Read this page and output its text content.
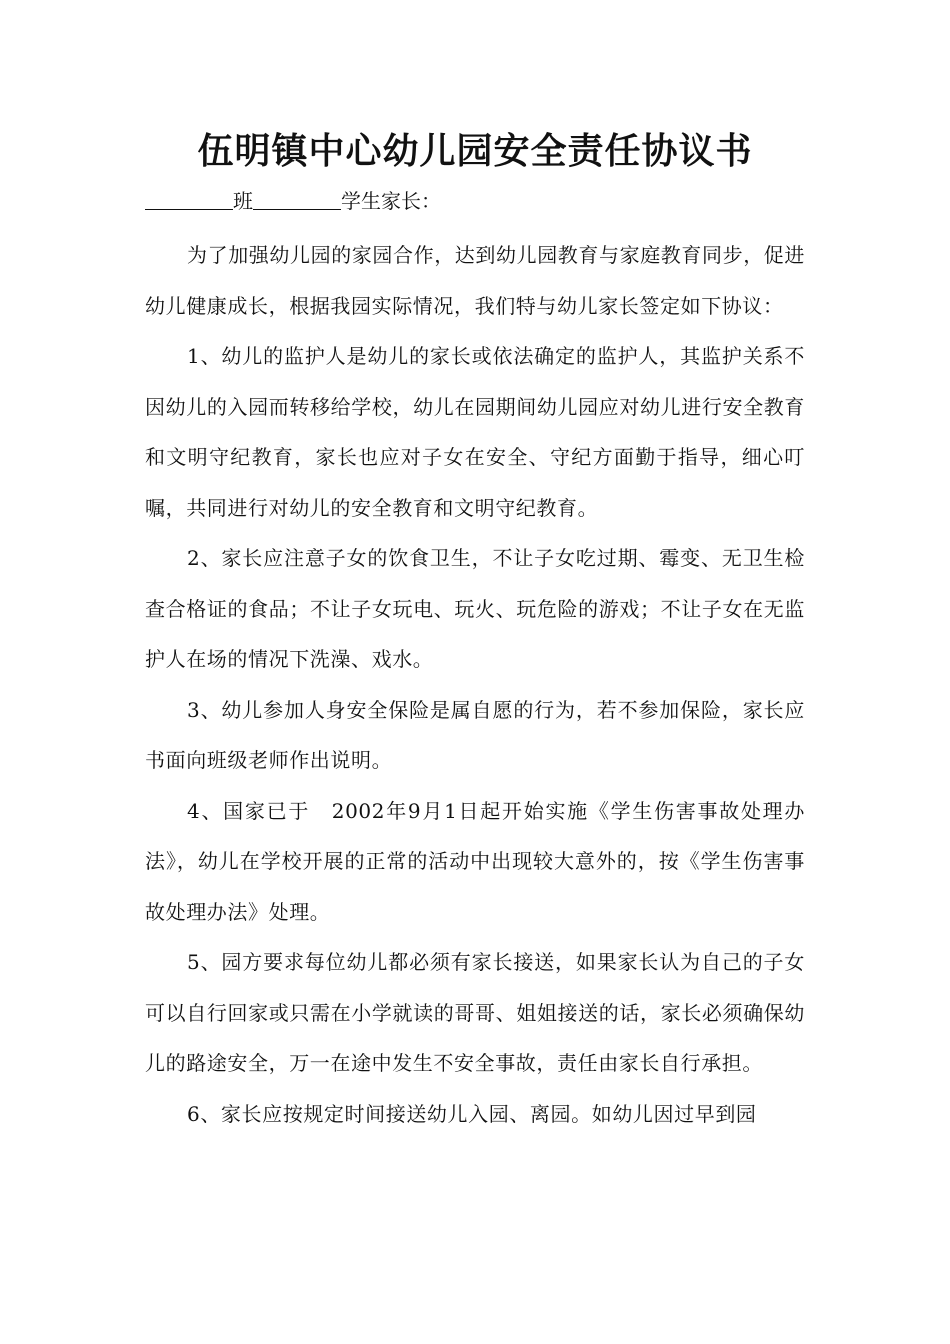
伍明镇中心幼儿园安全责任协议书
班	学生家长：

为了加强幼儿园的家园合作，达到幼儿园教育与家庭教育同步，促进幼儿健康成长，根据我园实际情况，我们特与幼儿家长签定如下协议：

1、幼儿的监护人是幼儿的家长或依法确定的监护人，其监护关系不因幼儿的入园而转移给学校，幼儿在园期间幼儿园应对幼儿进行安全教育和文明守纪教育，家长也应对子女在安全、守纪方面勤于指导，细心叮嘱，共同进行对幼儿的安全教育和文明守纪教育。

2、家长应注意子女的饮食卫生，不让子女吃过期、霉变、无卫生检查合格证的食品；不让子女玩电、玩火、玩危险的游戏；不让子女在无监护人在场的情况下洗澡、戏水。

3、幼儿参加人身安全保险是属自愿的行为，若不参加保险，家长应书面向班级老师作出说明。

4、国家已于　2002年9月1日起开始实施《学生伤害事故处理办法》，幼儿在学校开展的正常的活动中出现较大意外的，按《学生伤害事故处理办法》处理。

5、园方要求每位幼儿都必须有家长接送，如果家长认为自己的子女可以自行回家或只需在小学就读的哥哥、姐姐接送的话，家长必须确保幼儿的路途安全，万一在途中发生不安全事故，责任由家长自行承担。

6、家长应按规定时间接送幼儿入园、离园。如幼儿因过早到园
